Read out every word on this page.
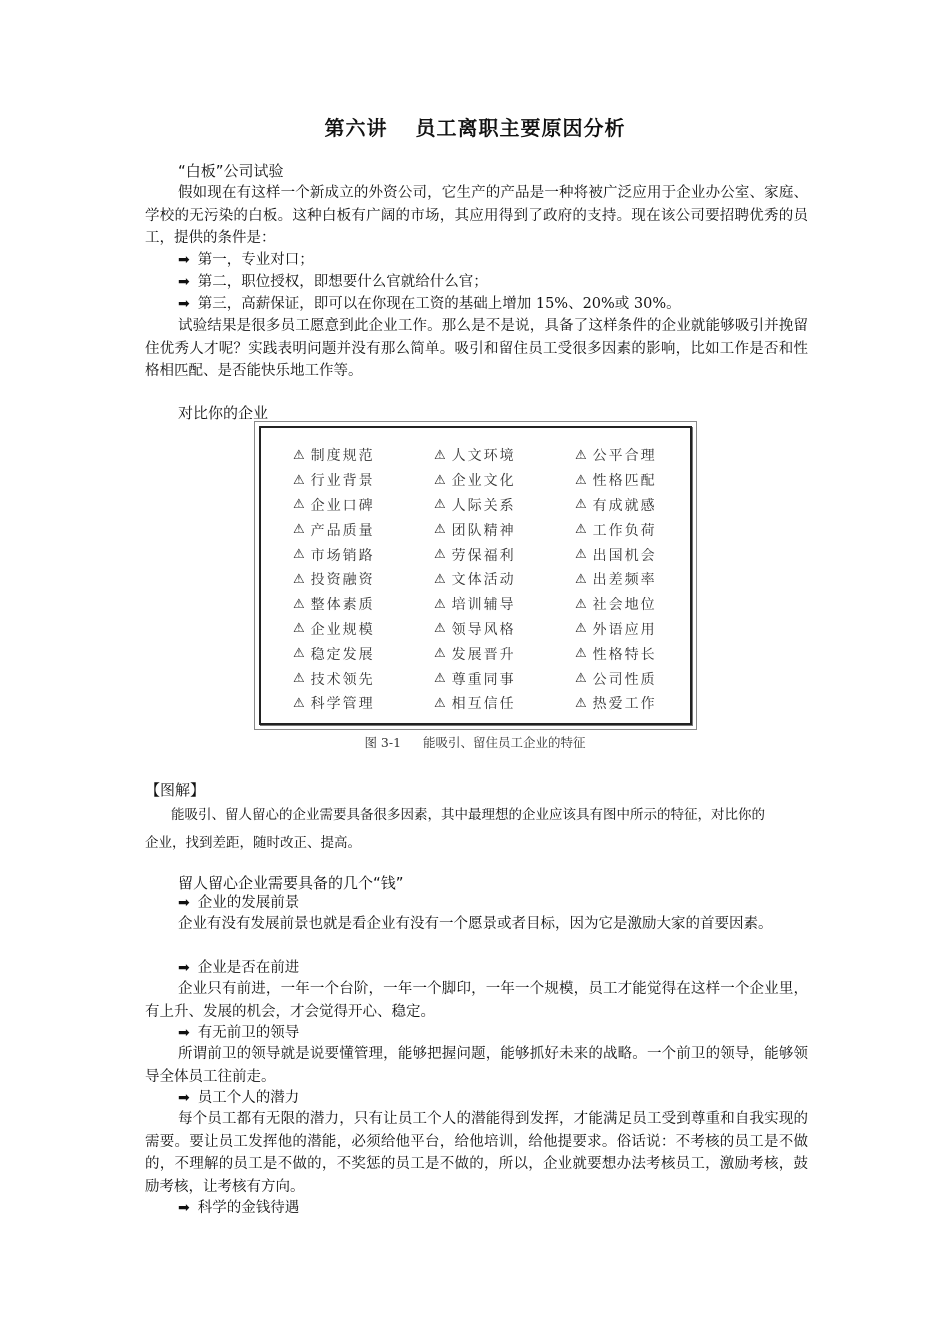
第六讲 员工离职主要原因分析
“白板”公司试验
假如现在有这样一个新成立的外资公司，它生产的产品是一种将被广泛应用于企业办公室、家庭、学校的无污染的白板。这种白板有广阔的市场，其应用得到了政府的支持。现在该公司要招聘优秀的员工，提供的条件是：
➡ 第一，专业对口；
➡ 第二，职位授权，即想要什么官就给什么官；
➡ 第三，高薪保证，即可以在你现在工资的基础上增加 15%、20%或 30%。
试验结果是很多员工愿意到此企业工作。那么是不是说，具备了这样条件的企业就能够吸引并挽留住优秀人才呢？实践表明问题并没有那么简单。吸引和留住员工受很多因素的影响，比如工作是否和性格相匹配、是否能快乐地工作等。
对比你的企业
⚠ 制度规范	⚠ 人文环境	⚠ 公平合理
⚠ 行业背景	⚠ 企业文化	⚠ 性格匹配
⚠ 企业口碑	⚠ 人际关系	⚠ 有成就感
⚠ 产品质量	⚠ 团队精神	⚠ 工作负荷
⚠ 市场销路	⚠ 劳保福利	⚠ 出国机会
⚠ 投资融资	⚠ 文体活动	⚠ 出差频率
⚠ 整体素质	⚠ 培训辅导	⚠ 社会地位
⚠ 企业规模	⚠ 领导风格	⚠ 外语应用
⚠ 稳定发展	⚠ 发展晋升	⚠ 性格特长
⚠ 技术领先	⚠ 尊重同事	⚠ 公司性质
⚠ 科学管理	⚠ 相互信任	⚠ 热爱工作
图 3-1 能吸引、留住员工企业的特征
【图解】
能吸引、留人留心的企业需要具备很多因素，其中最理想的企业应该具有图中所示的特征，对比你的
企业，找到差距，随时改正、提高。
留人留心企业需要具备的几个“钱”
➡ 企业的发展前景
企业有没有发展前景也就是看企业有没有一个愿景或者目标，因为它是激励大家的首要因素。
➡ 企业是否在前进
企业只有前进，一年一个台阶，一年一个脚印，一年一个规模，员工才能觉得在这样一个企业里，有上升、发展的机会，才会觉得开心、稳定。
➡ 有无前卫的领导
所谓前卫的领导就是说要懂管理，能够把握问题，能够抓好未来的战略。一个前卫的领导，能够领导全体员工往前走。
➡ 员工个人的潜力
每个员工都有无限的潜力，只有让员工个人的潜能得到发挥，才能满足员工受到尊重和自我实现的需要。要让员工发挥他的潜能，必须给他平台，给他培训，给他提要求。俗话说：不考核的员工是不做的，不理解的员工是不做的，不奖惩的员工是不做的，所以，企业就要想办法考核员工，激励考核，鼓励考核，让考核有方向。
➡ 科学的金钱待遇
